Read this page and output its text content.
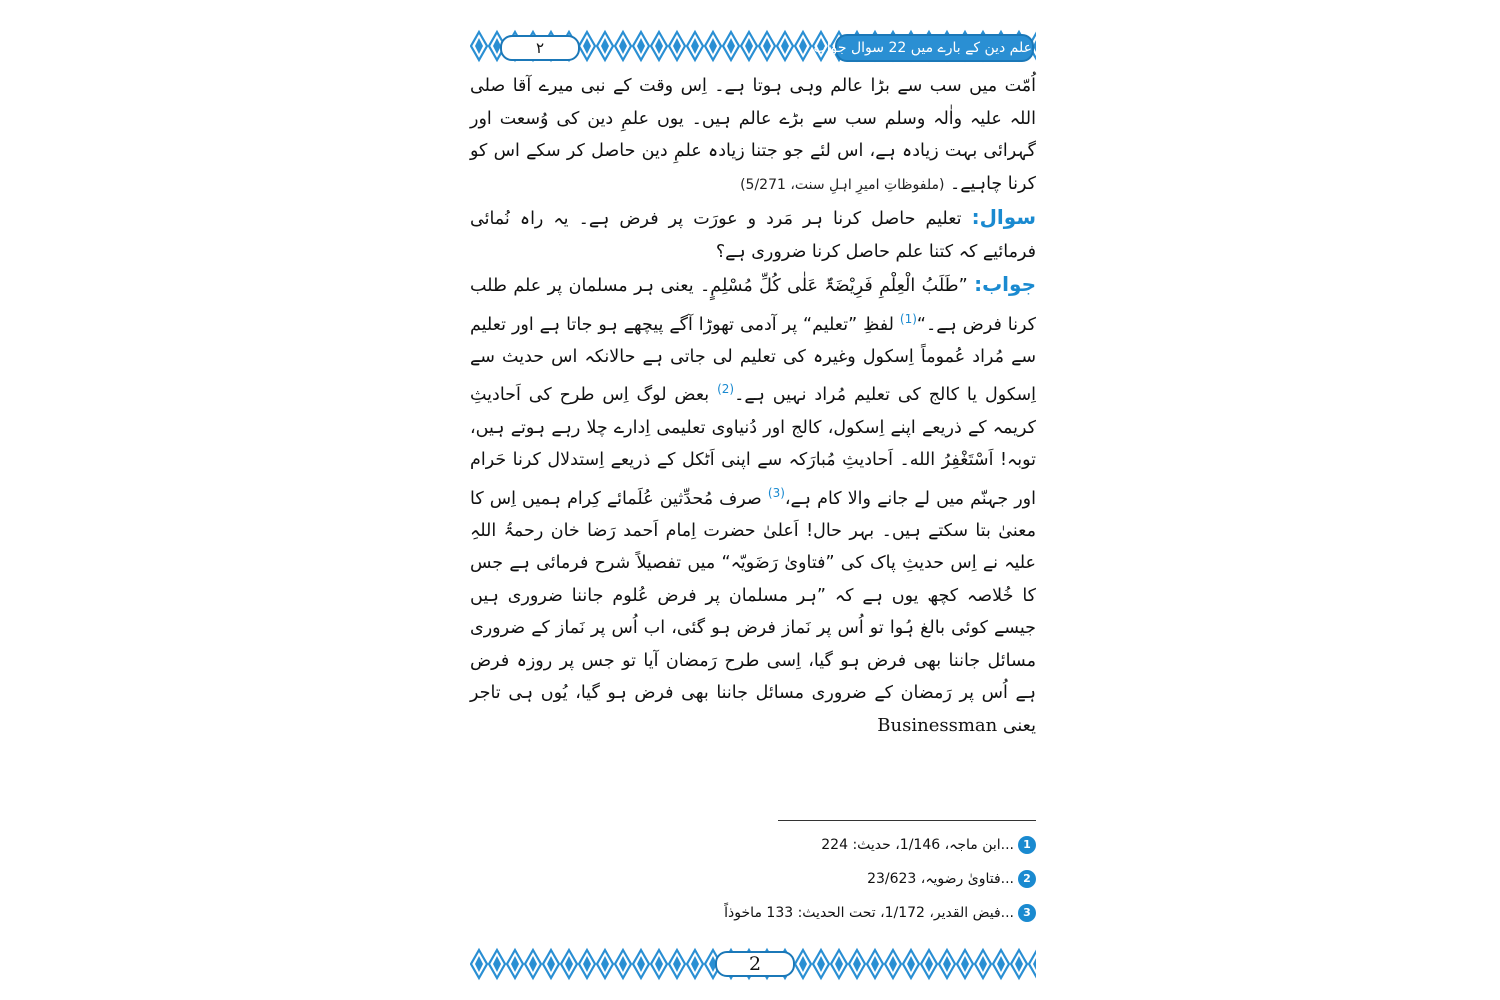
۲	علم دین کے بارے میں 22 سوال جواب

اُمّت میں سب سے بڑا عالم وہی ہوتا ہے۔ اِس وقت کے نبی میرے آقا صلی اللہ علیہ واٰلہ وسلم سب سے بڑے عالم ہیں۔ یوں علمِ دین کی وُسعت اور گہرائی بہت زیادہ ہے، اس لئے جو جتنا زیادہ علمِ دین حاصل کر سکے اس کو کرنا چاہیے۔ (ملفوظاتِ امیرِ اہلِ سنت، 5/271)

سوال: تعلیم حاصل کرنا ہر مَرد و عورَت پر فرض ہے۔ یہ راہ نُمائی فرمائیے کہ کتنا علم حاصل کرنا ضروری ہے؟

جواب: ”طَلَبُ الْعِلْمِ فَرِیْضَۃٌ عَلٰی کُلِّ مُسْلِمٍ۔ یعنی ہر مسلمان پر علم طلب کرنا فرض ہے۔“$^{(1)}$ لفظِ ”تعلیم“ پر آدمی تھوڑا آگے پیچھے ہو جاتا ہے اور تعلیم سے مُراد عُموماً اِسکول وغیرہ کی تعلیم لی جاتی ہے حالانکہ اس حدیث سے اِسکول یا کالج کی تعلیم مُراد نہیں ہے۔$^{(2)}$ بعض لوگ اِس طرح کی اَحادیثِ کریمہ کے ذریعے اپنے اِسکول، کالج اور دُنیاوی تعلیمی اِدارے چلا رہے ہوتے ہیں، توبہ! اَسْتَغْفِرُ الله۔ اَحادیثِ مُبارَکہ سے اپنی اَٹکل کے ذریعے اِستدلال کرنا حَرام اور جہنّم میں لے جانے والا کام ہے،$^{(3)}$ صرف مُحدِّثین عُلَمائے کِرام ہمیں اِس کا معنیٰ بتا سکتے ہیں۔ بہر حال! اَعلیٰ حضرت اِمام اَحمد رَضا خان رحمۃُ اللہِ علیہ نے اِس حدیثِ پاک کی ”فتاویٰ رَضَویّہ“ میں تفصیلاً شرح فرمائی ہے جس کا خُلاصہ کچھ یوں ہے کہ ”ہر مسلمان پر فرض عُلوم جاننا ضروری ہیں جیسے کوئی بالغ ہُوا تو اُس پر نَماز فرض ہو گئی، اب اُس پر نَماز کے ضروری مسائل جاننا بھی فرض ہو گیا، اِسی طرح رَمضان آیا تو جس پر روزہ فرض ہے اُس پر رَمضان کے ضروری مسائل جاننا بھی فرض ہو گیا، یُوں ہی تاجر یعنی Businessman

1
...ابن ماجہ، 1/146، حدیث: 224
2
...فتاویٰ رضویہ، 23/623
3
...فیض القدیر، 1/172، تحت الحدیث: 133 ماخوذاً
2
